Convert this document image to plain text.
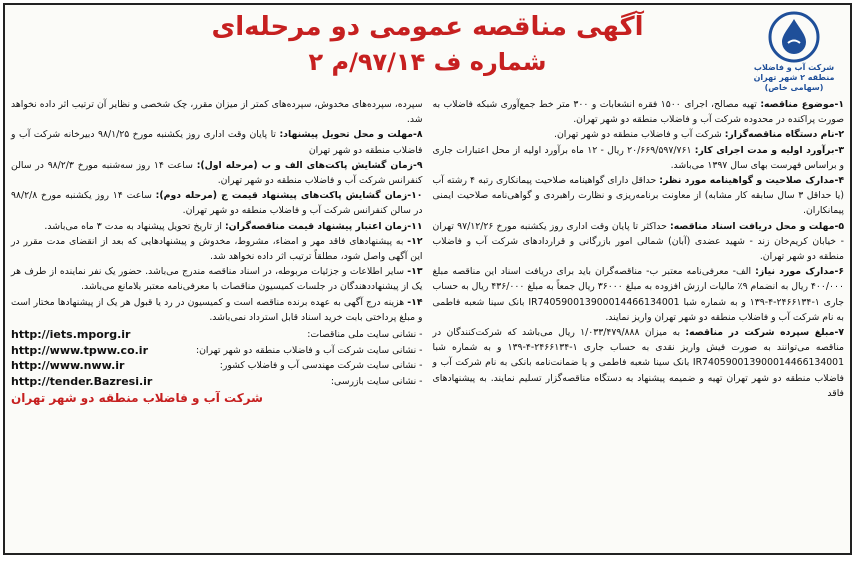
شرکت آب و فاضلاب
منطقه ۲ شهر تهران
(سهامی خاص)
آگهی مناقصه عمومی دو مرحله‌ای
شماره ف ۹۷/۱۴/م ۲

۱-موضوع مناقصه: تهیه مصالح، اجرای ۱۵۰۰ فقره انشعابات و ۳۰۰ متر خط جمع‌آوری شبکه فاضلاب به صورت پراکنده در محدوده شرکت آب و فاضلاب منطقه دو شهر تهران.

۲-نام دستگاه مناقصه‌گزار: شرکت آب و فاضلاب منطقه دو شهر تهران.

۳-برآورد اولیه و مدت اجرای کار: ۲۰/۶۶۹/۵۹۷/۷۶۱ ریال - ۱۲ ماه برآورد اولیه از محل اعتبارات جاری و براساس فهرست بهای سال ۱۳۹۷ می‌باشد.

۴-مدارک صلاحیت و گواهینامه مورد نظر: حداقل دارای گواهینامه صلاحیت پیمانکاری رتبه ۴ رشته آب (یا حداقل ۳ سال سابقه کار مشابه) از معاونت برنامه‌ریزی و نظارت راهبردی و گواهی‌نامه صلاحیت ایمنی پیمانکاران.

۵-مهلت و محل دریافت اسناد مناقصه: حداکثر تا پایان وقت اداری روز یکشنبه مورخ ۹۷/۱۲/۲۶ تهران - خیابان کریم‌خان زند - شهید عضدی (آبان) شمالی امور بازرگانی و قراردادهای شرکت آب و فاضلاب منطقه دو شهر تهران.

۶-مدارک مورد نیاز: الف- معرفی‌نامه معتبر ب- مناقصه‌گران باید برای دریافت اسناد این مناقصه مبلغ ۴۰۰/۰۰۰ ریال به انضمام ۹٪ مالیات ارزش افزوده به مبلغ ۳۶۰۰۰ ریال جمعاً به مبلغ ۴۳۶/۰۰۰ ریال به حساب جاری ۱-۲۴۶۶۱۳۴-۴-۱۳۹ و به شماره شبا IR740590013900014466134001 بانک سینا شعبه فاطمی به نام شرکت آب و فاضلاب منطقه دو شهر تهران واریز نمایند.

۷-مبلغ سپرده شرکت در مناقصه: به میزان ۱/۰۳۳/۴۷۹/۸۸۸ ریال می‌باشد که شرکت‌کنندگان در مناقصه می‌توانند به صورت فیش واریز نقدی به حساب جاری ۱-۲۴۶۶۱۳۴-۴-۱۳۹ و به شماره شبا IR740590013900014466134001 بانک سینا شعبه فاطمی و یا ضمانت‌نامه بانکی به نام شرکت آب و فاضلاب منطقه دو شهر تهران تهیه و ضمیمه پیشنهاد به دستگاه مناقصه‌گزار تسلیم نمایند. به پیشنهادهای فاقد

سپرده، سپرده‌های مخدوش، سپرده‌های کمتر از میزان مقرر، چک شخصی و نظایر آن ترتیب اثر داده نخواهد شد.

۸-مهلت و محل تحویل پیشنهاد: تا پایان وقت اداری روز یکشنبه مورخ ۹۸/۱/۲۵ دبیرخانه شرکت آب و فاضلاب منطقه دو شهر تهران

۹-زمان گشایش پاکت‌های الف و ب (مرحله اول): ساعت ۱۴ روز سه‌شنبه مورخ ۹۸/۲/۳ در سالن کنفرانس شرکت آب و فاضلاب منطقه دو شهر تهران.

۱۰-زمان گشایش پاکت‌های پیشنهاد قیمت ج (مرحله دوم): ساعت ۱۴ روز یکشنبه مورخ ۹۸/۲/۸ در سالن کنفرانس شرکت آب و فاضلاب منطقه دو شهر تهران.

۱۱-زمان اعتبار پیشنهاد قیمت مناقصه‌گران: از تاریخ تحویل پیشنهاد به مدت ۳ ماه می‌باشد.

۱۲- به پیشنهادهای فاقد مهر و امضاء، مشروط، مخدوش و پیشنهادهایی که بعد از انقضای مدت مقرر در این آگهی واصل شود، مطلقاً ترتیب اثر داده نخواهد شد.

۱۳- سایر اطلاعات و جزئیات مربوطه، در اسناد مناقصه مندرج می‌باشد. حضور یک نفر نماینده از طرف هر یک از پیشنهاددهندگان در جلسات کمیسیون مناقصات با معرفی‌نامه معتبر بلامانع می‌باشد.

۱۴- هزینه درج آگهی به عهده برنده مناقصه است و کمیسیون در رد یا قبول هر یک از پیشنهادها مختار است و مبلغ پرداختی بابت خرید اسناد قابل استرداد نمی‌باشد.

- نشانی سایت ملی مناقصات:
http://iets.mporg.ir
- نشانی سایت شرکت آب و فاضلاب منطقه دو شهر تهران:
http://www.tpww.co.ir
- نشانی سایت شرکت مهندسی آب و فاضلاب کشور:
http://www.nww.ir
- نشانی سایت بازرسی:
http://tender.Bazresi.ir
شرکت آب و فاضلاب منطقه دو شهر تهران
